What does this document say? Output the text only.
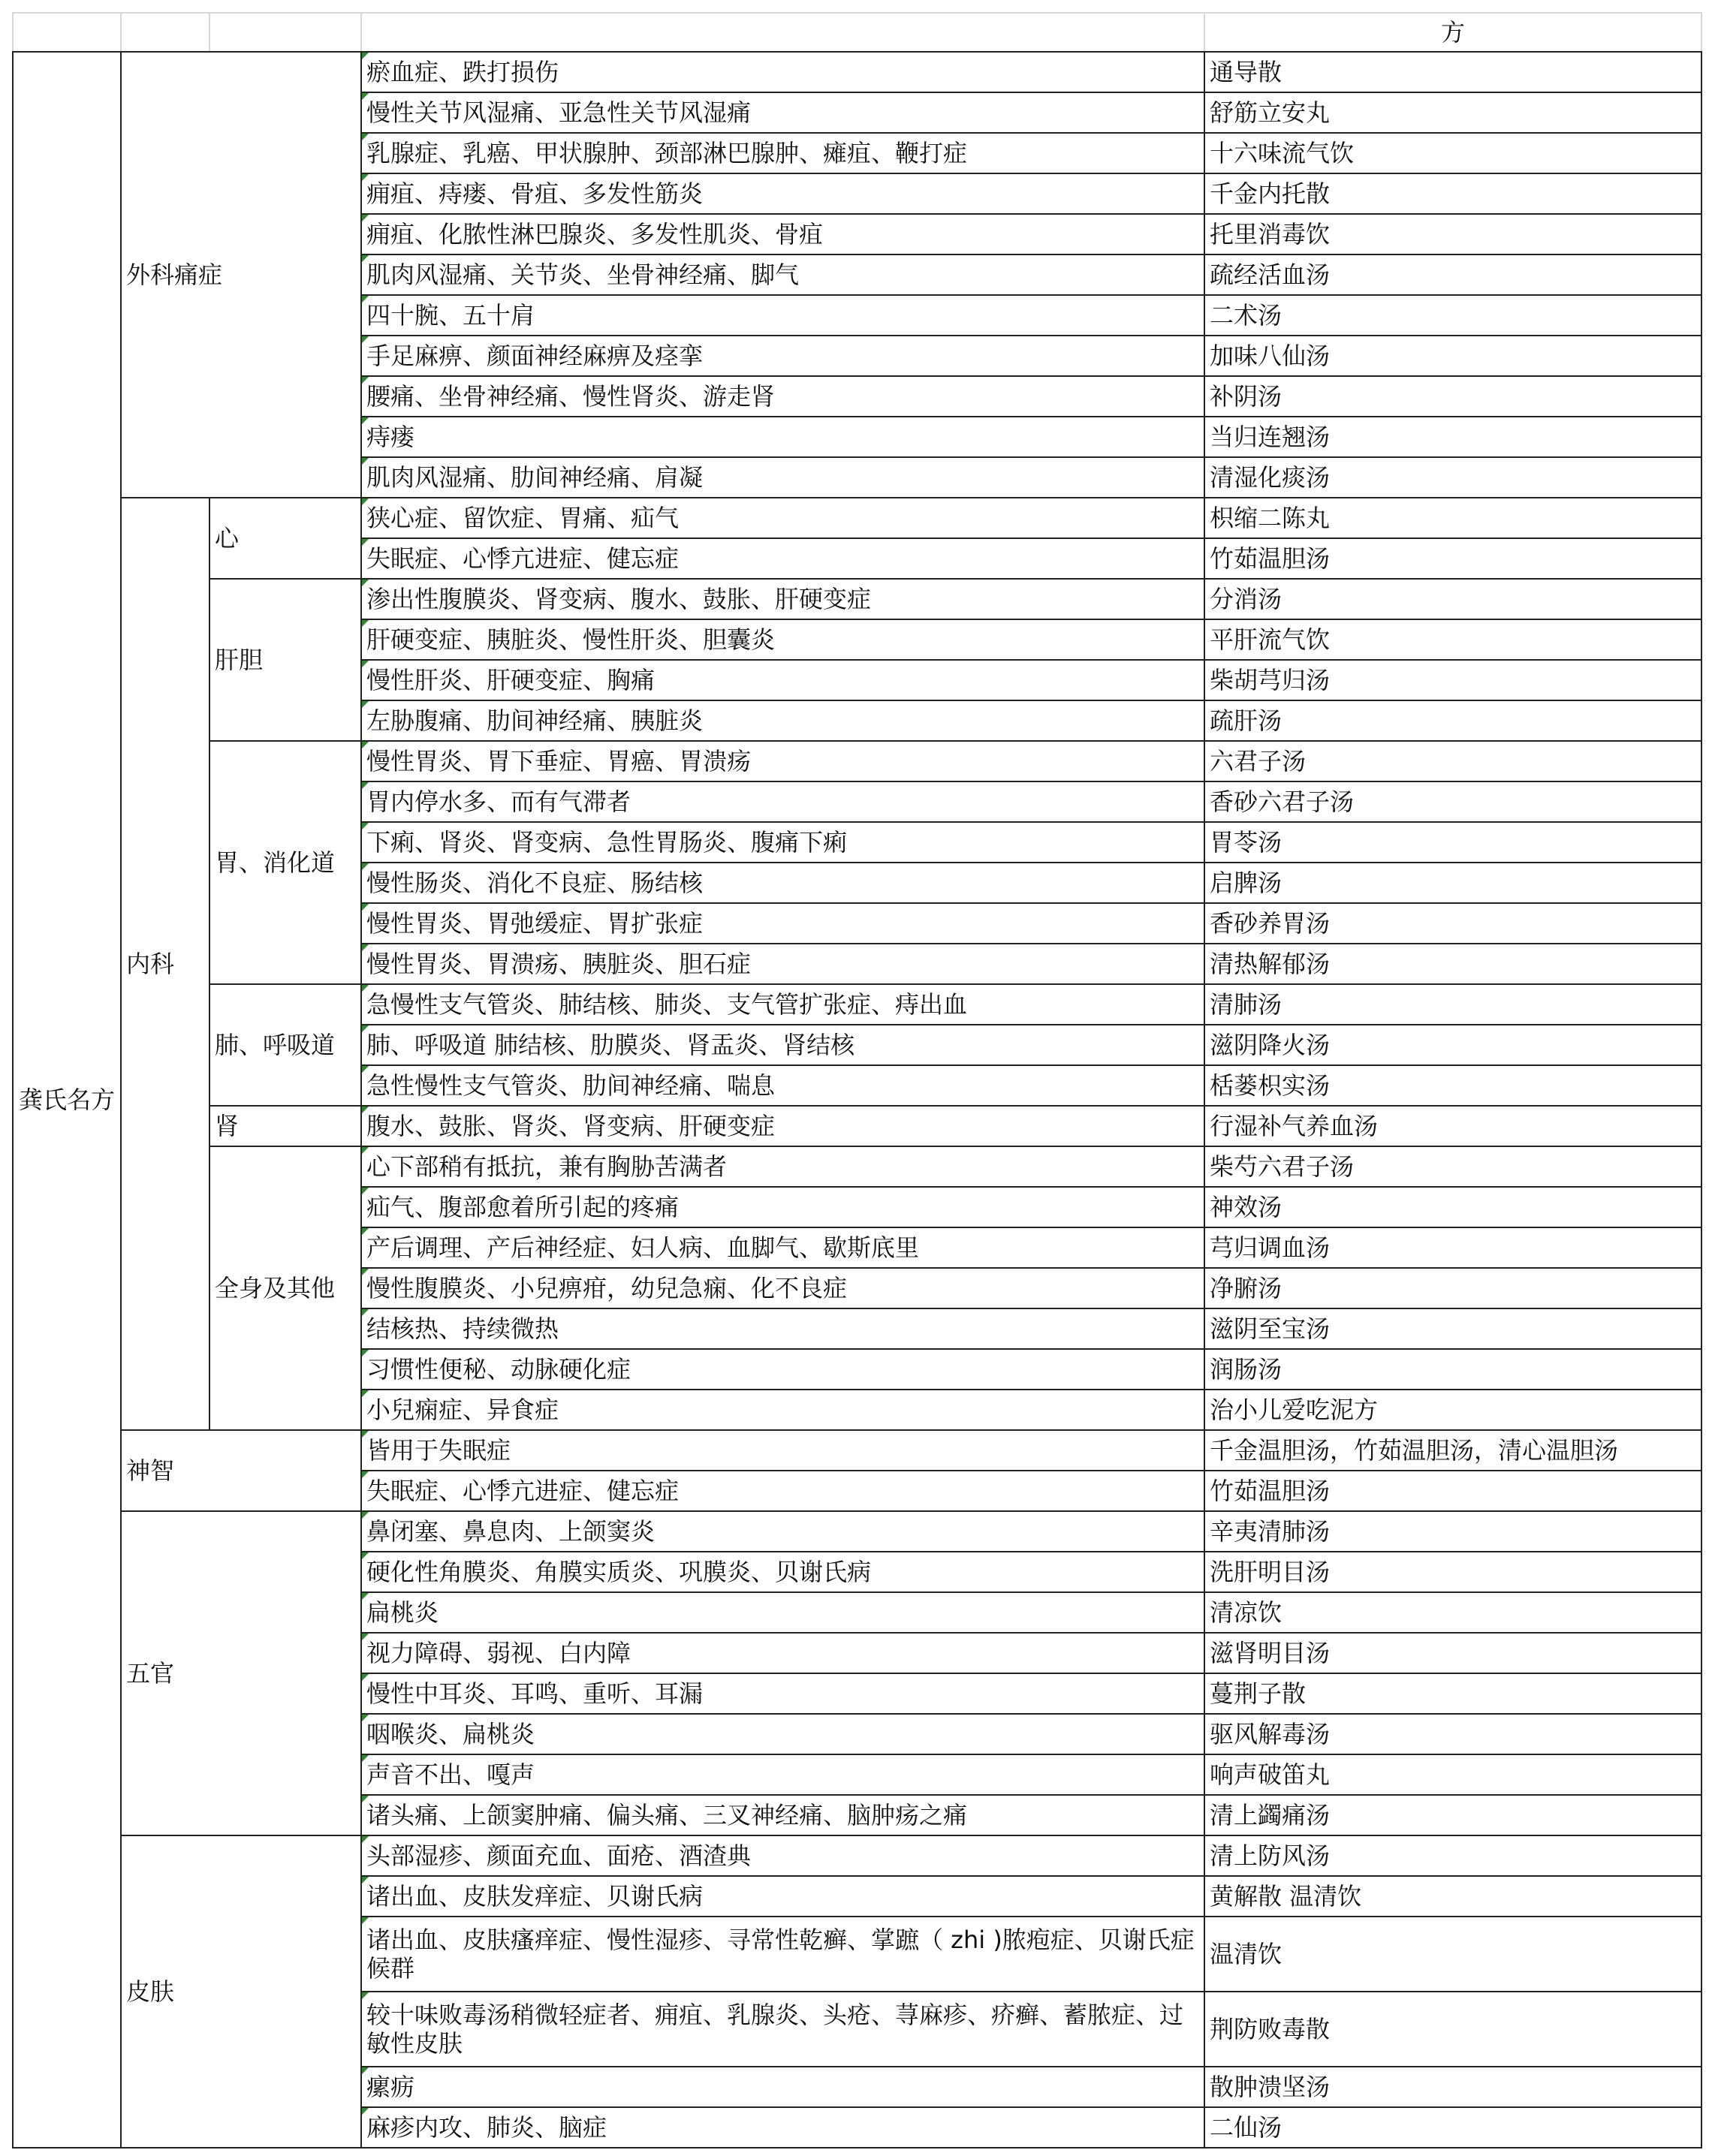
				方
龚氏名方	外科痛症		瘀血症、跌打损伤	通导散
			慢性关节风湿痛、亚急性关节风湿痛	舒筋立安丸
			乳腺症、乳癌、甲状腺肿、颈部淋巴腺肿、瘫疽、鞭打症	十六味流气饮
			痈疽、痔瘘、骨疽、多发性筋炎	千金内托散
			痈疽、化脓性淋巴腺炎、多发性肌炎、骨疽	托里消毒饮
			肌肉风湿痛、关节炎、坐骨神经痛、脚气	疏经活血汤
			四十腕、五十肩	二术汤
			手足麻痹、颜面神经麻痹及痉挛	加味八仙汤
			腰痛、坐骨神经痛、慢性肾炎、游走肾	补阴汤
			痔瘘	当归连翘汤
			肌肉风湿痛、肋间神经痛、肩凝	清湿化痰汤
	内科	心	狭心症、留饮症、胃痛、疝气	枳缩二陈丸
			失眠症、心悸亢进症、健忘症	竹茹温胆汤
		肝胆	渗出性腹膜炎、肾变病、腹水、鼓胀、肝硬变症	分消汤
			肝硬变症、胰脏炎、慢性肝炎、胆囊炎	平肝流气饮
			慢性肝炎、肝硬变症、胸痛	柴胡芎归汤
			左胁腹痛、肋间神经痛、胰脏炎	疏肝汤
		胃、消化道	慢性胃炎、胃下垂症、胃癌、胃溃疡	六君子汤
			胃内停水多、而有气滞者	香砂六君子汤
			下痢、肾炎、肾变病、急性胃肠炎、腹痛下痢	胃苓汤
			慢性肠炎、消化不良症、肠结核	启脾汤
			慢性胃炎、胃弛缓症、胃扩张症	香砂养胃汤
			慢性胃炎、胃溃疡、胰脏炎、胆石症	清热解郁汤
		肺、呼吸道	急慢性支气管炎、肺结核、肺炎、支气管扩张症、痔出血	清肺汤
			肺、呼吸道 肺结核、肋膜炎、肾盂炎、肾结核	滋阴降火汤
			急性慢性支气管炎、肋间神经痛、喘息	栝蒌枳实汤
		肾	腹水、鼓胀、肾炎、肾变病、肝硬变症	行湿补气养血汤
		全身及其他	心下部稍有抵抗，兼有胸胁苦满者	柴芍六君子汤
			疝气、腹部愈着所引起的疼痛	神效汤
			产后调理、产后神经症、妇人病、血脚气、歇斯底里	芎归调血汤
			慢性腹膜炎、小兒痹疳，幼兒急痫、化不良症	净腑汤
			结核热、持续微热	滋阴至宝汤
			习惯性便秘、动脉硬化症	润肠汤
			小兒痫症、异食症	治小儿爱吃泥方
	神智		皆用于失眠症	千金温胆汤，竹茹温胆汤，清心温胆汤
			失眠症、心悸亢进症、健忘症	竹茹温胆汤
	五官		鼻闭塞、鼻息肉、上颌窦炎	辛夷清肺汤
			硬化性角膜炎、角膜实质炎、巩膜炎、贝谢氏病	洗肝明目汤
			扁桃炎	清凉饮
			视力障碍、弱视、白内障	滋肾明目汤
			慢性中耳炎、耳鸣、重听、耳漏	蔓荆子散
			咽喉炎、扁桃炎	驱风解毒汤
			声音不出、嘎声	响声破笛丸
			诸头痛、上颌窦肿痛、偏头痛、三叉神经痛、脑肿疡之痛	清上蠲痛汤
	皮肤		头部湿疹、颜面充血、面疮、酒渣典	清上防风汤
			诸出血、皮肤发痒症、贝谢氏病	黄解散 温清饮
			诸出血、皮肤瘙痒症、慢性湿疹、寻常性乾癣、掌蹠（ zhi )脓疱症、贝谢氏症候群	温清饮
			较十味败毒汤稍微轻症者、痈疽、乳腺炎、头疮、荨麻疹、疥癣、蓄脓症、过敏性皮肤	荆防败毒散
			瘰疬	散肿溃坚汤
			麻疹内攻、肺炎、脑症	二仙汤
